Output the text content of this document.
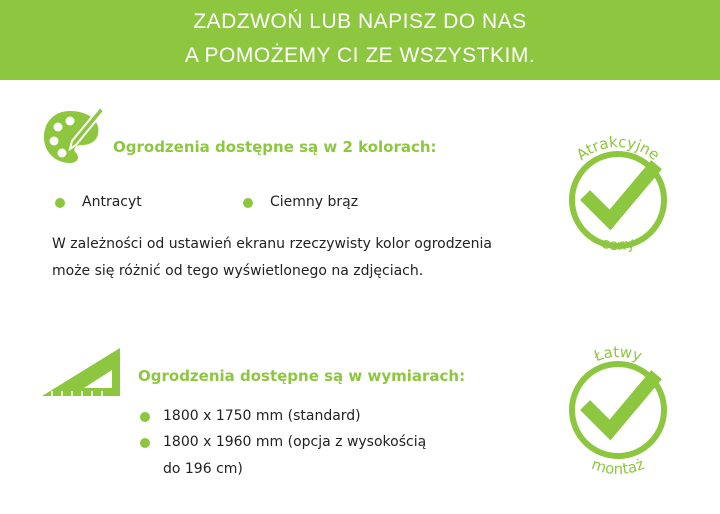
ZADZWOŃ LUB NAPISZ DO NAS
A POMOŻEMY CI ZE WSZYSTKIM.
Ogrodzenia dostępne są w 2 kolorach:
Antracyt	Ciemny brąz
W zależności od ustawień ekranu rzeczywisty kolor ogrodzenia
może się różnić od tego wyświetlonego na zdjęciach.
Ogrodzenia dostępne są w wymiarach:
1800 x 1750 mm (standard)
1800 x 1960 mm (opcja z wysokością
do 196 cm)
Atrakcyjne
ceny
Łatwy
montaż
